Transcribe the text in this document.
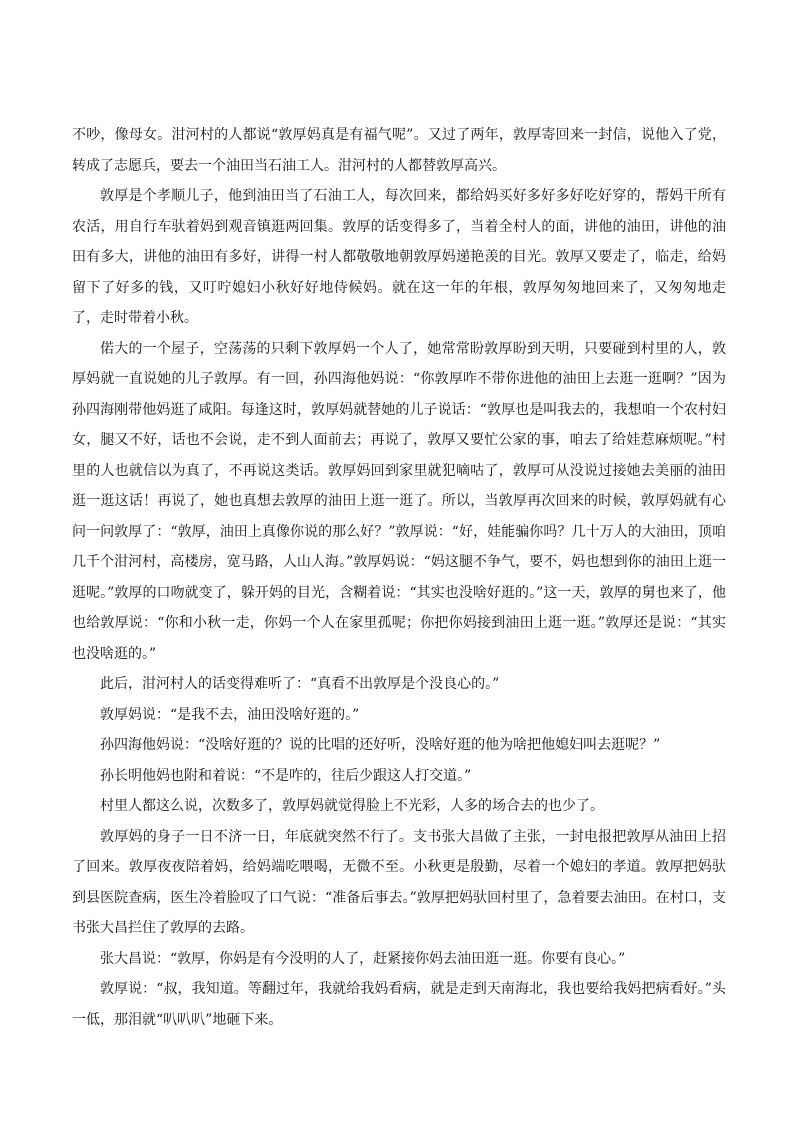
不吵，像母女。泔河村的人都说“敦厚妈真是有福气呢”。又过了两年，敦厚寄回来一封信，说他入了党，转成了志愿兵，要去一个油田当石油工人。泔河村的人都替敦厚高兴。

敦厚是个孝顺儿子，他到油田当了石油工人，每次回来，都给妈买好多好多好吃好穿的，帮妈干所有农活，用自行车驮着妈到观音镇逛两回集。敦厚的话变得多了，当着全村人的面，讲他的油田，讲他的油田有多大，讲他的油田有多好，讲得一村人都敬敬地朝敦厚妈递艳羡的目光。敦厚又要走了，临走，给妈留下了好多的钱，又叮咛媳妇小秋好好地侍候妈。就在这一年的年根，敦厚匆匆地回来了，又匆匆地走了，走时带着小秋。

偌大的一个屋子，空荡荡的只剩下敦厚妈一个人了，她常常盼敦厚盼到天明，只要碰到村里的人，敦厚妈就一直说她的儿子敦厚。有一回，孙四海他妈说：“你敦厚咋不带你进他的油田上去逛一逛啊？”因为孙四海刚带他妈逛了咸阳。每逢这时，敦厚妈就替她的儿子说话：“敦厚也是叫我去的，我想咱一个农村妇女，腿又不好，话也不会说，走不到人面前去；再说了，敦厚又要忙公家的事，咱去了给娃惹麻烦呢。”村里的人也就信以为真了，不再说这类话。敦厚妈回到家里就犯嘀咕了，敦厚可从没说过接她去美丽的油田逛一逛这话！再说了，她也真想去敦厚的油田上逛一逛了。所以，当敦厚再次回来的时候，敦厚妈就有心问一问敦厚了：“敦厚，油田上真像你说的那么好？”敦厚说：“好，娃能骗你吗？几十万人的大油田，顶咱几千个泔河村，高楼房，宽马路，人山人海。”敦厚妈说：“妈这腿不争气，要不，妈也想到你的油田上逛一逛呢。”敦厚的口吻就变了，躲开妈的目光，含糊着说：“其实也没啥好逛的。”这一天，敦厚的舅也来了，他也给敦厚说：“你和小秋一走，你妈一个人在家里孤呢；你把你妈接到油田上逛一逛。”敦厚还是说：“其实也没啥逛的。”

此后，泔河村人的话变得难听了：“真看不出敦厚是个没良心的。”

敦厚妈说：“是我不去，油田没啥好逛的。”

孙四海他妈说：“没啥好逛的？说的比唱的还好听，没啥好逛的他为啥把他媳妇叫去逛呢？”

孙长明他妈也附和着说：“不是咋的，往后少跟这人打交道。”

村里人都这么说，次数多了，敦厚妈就觉得脸上不光彩，人多的场合去的也少了。

敦厚妈的身子一日不济一日，年底就突然不行了。支书张大昌做了主张，一封电报把敦厚从油田上招了回来。敦厚夜夜陪着妈，给妈端吃喂喝，无微不至。小秋更是殷勤，尽着一个媳妇的孝道。敦厚把妈驮到县医院查病，医生冷着脸叹了口气说：“准备后事去。”敦厚把妈驮回村里了，急着要去油田。在村口，支书张大昌拦住了敦厚的去路。

张大昌说：“敦厚，你妈是有今没明的人了，赶紧接你妈去油田逛一逛。你要有良心。”

敦厚说：“叔，我知道。等翻过年，我就给我妈看病，就是走到天南海北，我也要给我妈把病看好。”头一低，那泪就“叭叭叭”地砸下来。
